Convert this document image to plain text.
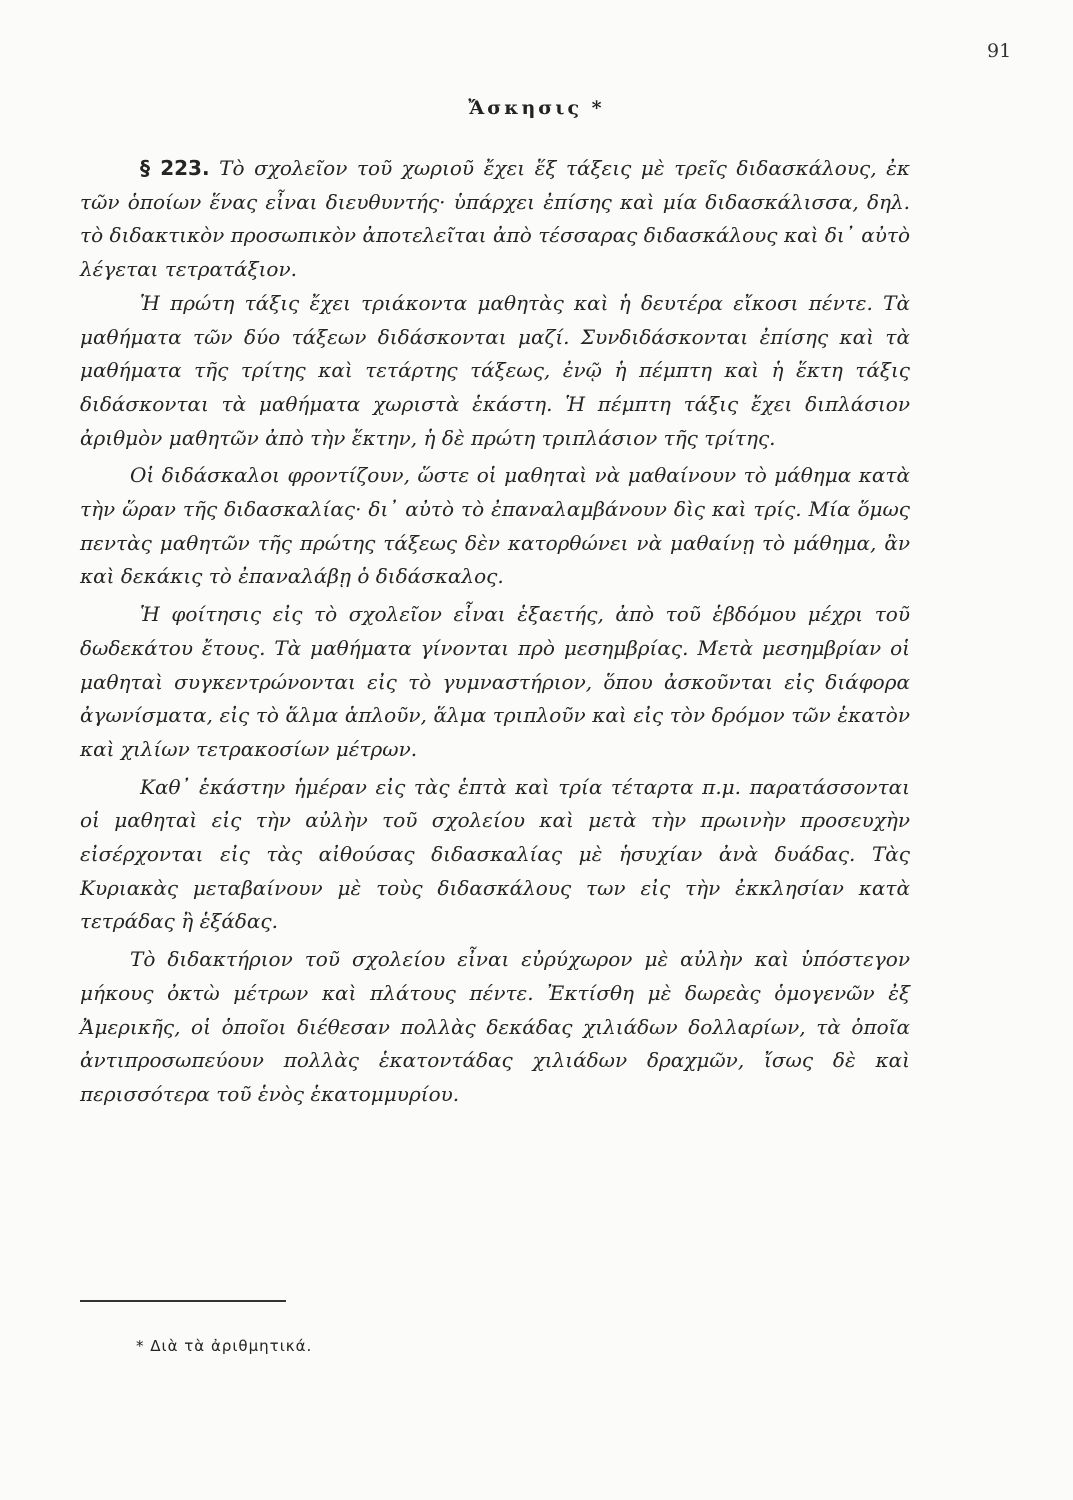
91
Ἄσκησις *

§ 223. Τὸ σχολεῖον τοῦ χωριοῦ ἔχει ἕξ τάξεις μὲ τρεῖς διδασκάλους, ἐκ τῶν ὁποίων ἕνας εἶναι διευθυντής· ὑπάρχει ἐπίσης καὶ μία διδασκάλισσα, δηλ. τὸ διδακτικὸν προσωπικὸν ἀποτελεῖται ἀπὸ τέσσαρας διδασκάλους καὶ δι᾿ αὐτὸ λέγεται τετρατάξιον.

Ἡ πρώτη τάξις ἔχει τριάκοντα μαθητὰς καὶ ἡ δευτέρα εἴκοσι πέντε. Τὰ μαθήματα τῶν δύο τάξεων διδάσκονται μαζί. Συνδιδάσκονται ἐπίσης καὶ τὰ μαθήματα τῆς τρίτης καὶ τετάρτης τάξεως, ἐνῷ ἡ πέμπτη καὶ ἡ ἕκτη τάξις διδάσκονται τὰ μαθήματα χωριστὰ ἑκάστη. Ἡ πέμπτη τάξις ἔχει διπλάσιον ἀριθμὸν μαθητῶν ἀπὸ τὴν ἕκτην, ἡ δὲ πρώτη τριπλάσιον τῆς τρίτης.

Οἱ διδάσκαλοι φροντίζουν, ὥστε οἱ μαθηταὶ νὰ μαθαίνουν τὸ μάθημα κατὰ τὴν ὥραν τῆς διδασκαλίας· δι᾿ αὐτὸ τὸ ἐπαναλαμβάνουν δὶς καὶ τρίς. Μία ὅμως πεντὰς μαθητῶν τῆς πρώτης τάξεως δὲν κατορθώνει νὰ μαθαίνῃ τὸ μάθημα, ἂν καὶ δεκάκις τὸ ἐπαναλάβῃ ὁ διδάσκαλος.

Ἡ φοίτησις εἰς τὸ σχολεῖον εἶναι ἑξαετής, ἀπὸ τοῦ ἑβδόμου μέχρι τοῦ δωδεκάτου ἔτους. Τὰ μαθήματα γίνονται πρὸ μεσημβρίας. Μετὰ μεσημβρίαν οἱ μαθηταὶ συγκεντρώνονται εἰς τὸ γυμναστήριον, ὅπου ἀσκοῦνται εἰς διάφορα ἀγωνίσματα, εἰς τὸ ἅλμα ἁπλοῦν, ἅλμα τριπλοῦν καὶ εἰς τὸν δρόμον τῶν ἑκατὸν καὶ χιλίων τετρακοσίων μέτρων.

Καθ᾿ ἑκάστην ἡμέραν εἰς τὰς ἑπτὰ καὶ τρία τέταρτα π.μ. παρατάσσονται οἱ μαθηταὶ εἰς τὴν αὐλὴν τοῦ σχολείου καὶ μετὰ τὴν πρωινὴν προσευχὴν εἰσέρχονται εἰς τὰς αἰθούσας διδασκαλίας μὲ ἡσυχίαν ἀνὰ δυάδας. Τὰς Κυριακὰς μεταβαίνουν μὲ τοὺς διδασκάλους των εἰς τὴν ἐκκλησίαν κατὰ τετράδας ἢ ἑξάδας.

Τὸ διδακτήριον τοῦ σχολείου εἶναι εὐρύχωρον μὲ αὐλὴν καὶ ὑπόστεγον μήκους ὀκτὼ μέτρων καὶ πλάτους πέντε. Ἐκτίσθη μὲ δωρεὰς ὁμογενῶν ἐξ Ἀμερικῆς, οἱ ὁποῖοι διέθεσαν πολλὰς δεκάδας χιλιάδων δολλαρίων, τὰ ὁποῖα ἀντιπροσωπεύουν πολλὰς ἑκατοντάδας χιλιάδων δραχμῶν, ἴσως δὲ καὶ περισσότερα τοῦ ἑνὸς ἑκατομμυρίου.

* Διὰ τὰ ἀριθμητικά.
